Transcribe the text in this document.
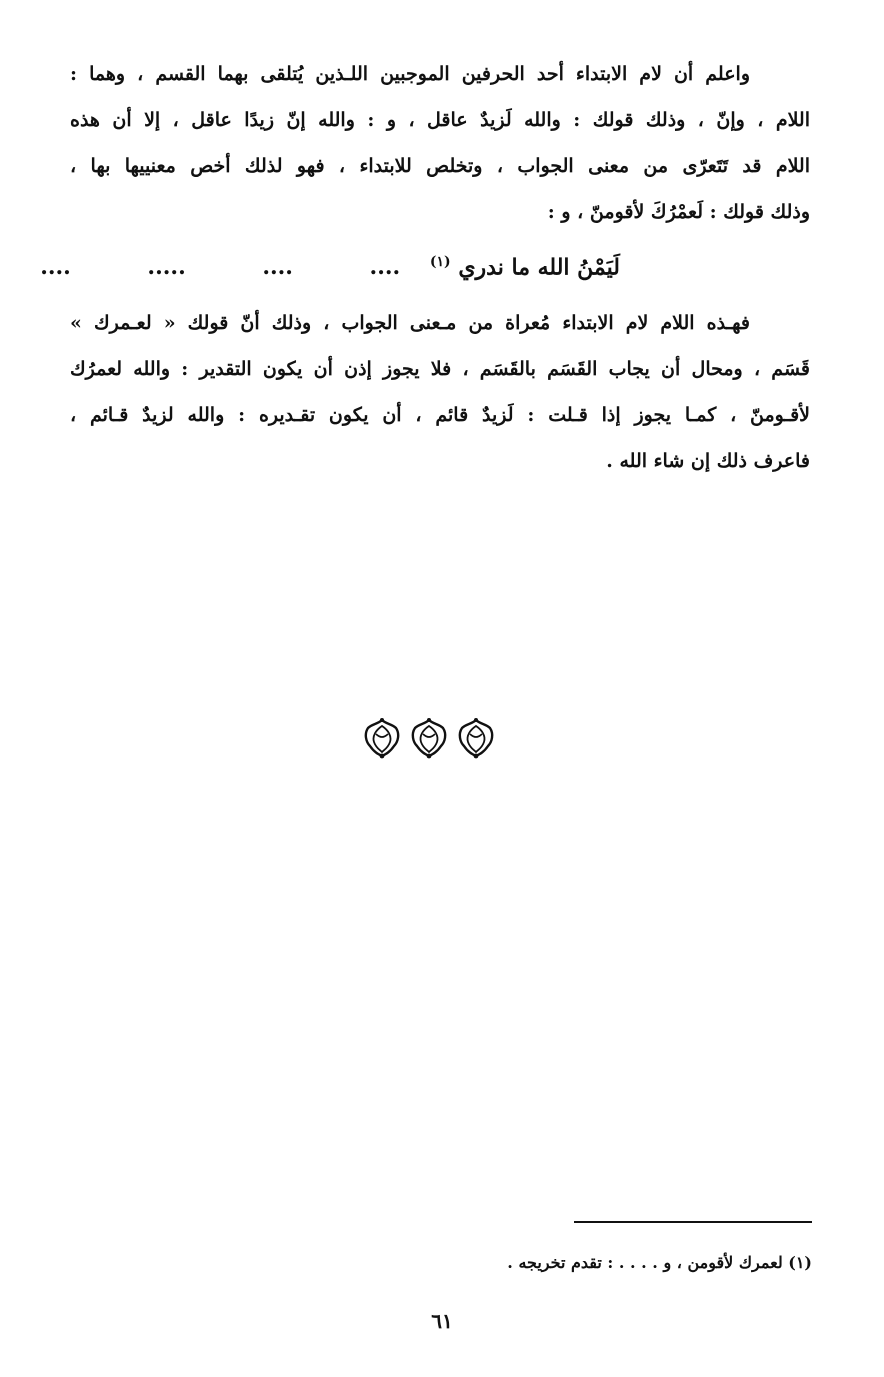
واعلم أن لام الابتداء أحد الحرفين الموجبين اللـذين يُتلقى بهما القسم ، وهما :
اللام ، وإنّ ، وذلك قولك : والله لَزيدٌ عاقل ، و : والله إنّ زيدًا عاقل ، إلا أن هذه
اللام قد تَتَعرّى من معنى الجواب ، وتخلص للابتداء ، فهو لذلك أخص معنييها بها ،
وذلك قولك : لَعمْرُكَ لأقومنّ ، و :
لَيَمْنُ الله ما ندري $^{(١)}$ ....          ....          .....          ....
فهـذه اللام لام الابتداء مُعراة من مـعنى الجواب ، وذلك أنّ قولك « لعـمرك »
قَسَم ، ومحال أن يجاب القَسَم بالقَسَم ، فلا يجوز إذن أن يكون التقدير : والله لعمرُك
لأقـومنّ ، كمـا يجوز إذا قـلت : لَزيدٌ قائم ، أن يكون تقـديره : والله لزيدٌ قـائم ،
فاعرف ذلك إن شاء الله .
(١) لعمرك لأقومن ، و . . . . : تقدم تخريجه .
٦١
